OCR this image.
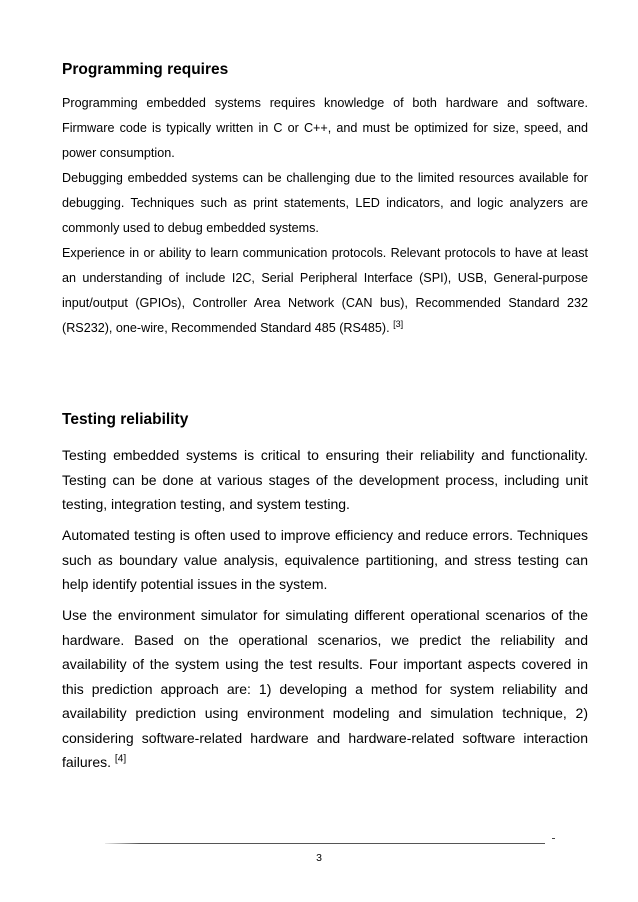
Programming requires

Programming embedded systems requires knowledge of both hardware and software. Firmware code is typically written in C or C++, and must be optimized for size, speed, and power consumption.

Debugging embedded systems can be challenging due to the limited resources available for debugging. Techniques such as print statements, LED indicators, and logic analyzers are commonly used to debug embedded systems.

Experience in or ability to learn communication protocols. Relevant protocols to have at least an understanding of include I2C, Serial Peripheral Interface (SPI), USB, General-purpose input/output (GPIOs), Controller Area Network (CAN bus), Recommended Standard 232 (RS232), one-wire, Recommended Standard 485 (RS485). [3]

Testing reliability

Testing embedded systems is critical to ensuring their reliability and functionality. Testing can be done at various stages of the development process, including unit testing, integration testing, and system testing.

Automated testing is often used to improve efficiency and reduce errors. Techniques such as boundary value analysis, equivalence partitioning, and stress testing can help identify potential issues in the system.

Use the environment simulator for simulating different operational scenarios of the hardware. Based on the operational scenarios, we predict the reliability and availability of the system using the test results. Four important aspects covered in this prediction approach are: 1) developing a method for system reliability and availability prediction using environment modeling and simulation technique, 2) considering software-related hardware and hardware-related software interaction failures. [4]

3
